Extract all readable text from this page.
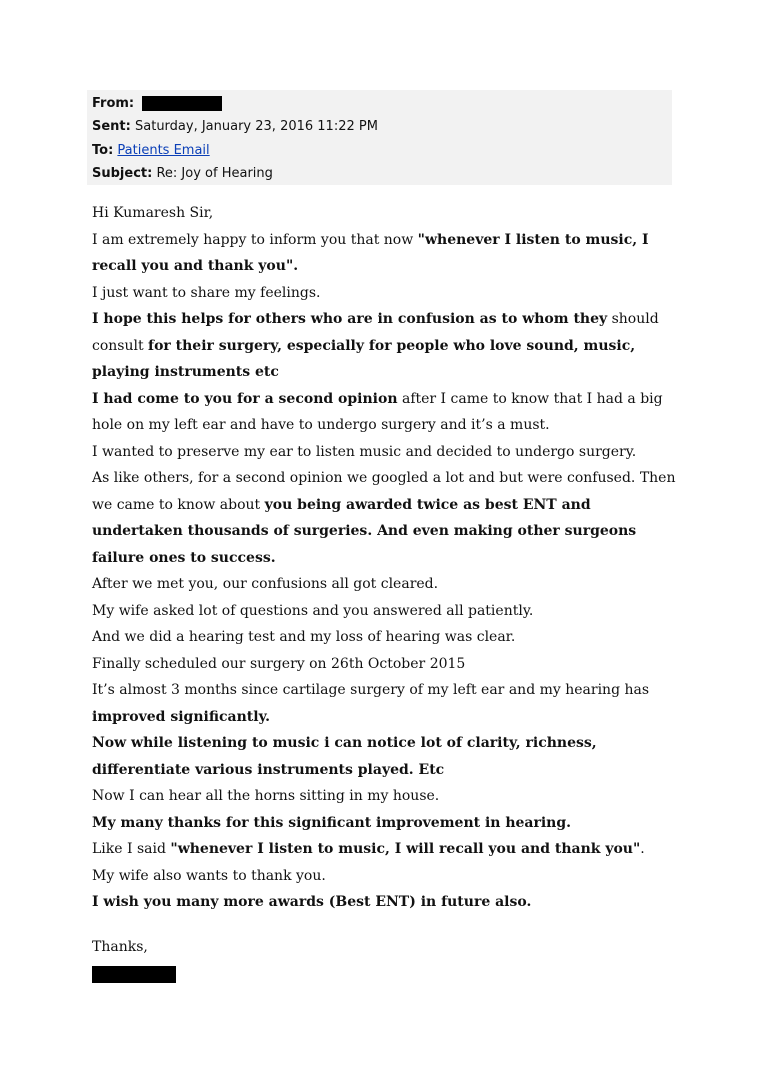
From:
Sent: Saturday, January 23, 2016 11:22 PM
To: Patients Email
Subject: Re: Joy of Hearing

Hi Kumaresh Sir,

I am extremely happy to inform you that now "whenever I listen to music, I recall you and thank you".

I just want to share my feelings.

I hope this helps for others who are in confusion as to whom they should consult for their surgery, especially for people who love sound, music, playing instruments etc

I had come to you for a second opinion after I came to know that I had a big hole on my left ear and have to undergo surgery and it’s a must.

I wanted to preserve my ear to listen music and decided to undergo surgery.

As like others, for a second opinion we googled a lot and but were confused. Then we came to know about you being awarded twice as best ENT and undertaken thousands of surgeries. And even making other surgeons failure ones to success.

After we met you, our confusions all got cleared.

My wife asked lot of questions and you answered all patiently.

And we did a hearing test and my loss of hearing was clear.

Finally scheduled our surgery on 26th October 2015

It’s almost 3 months since cartilage surgery of my left ear and my hearing has improved significantly.

Now while listening to music i can notice lot of clarity, richness, differentiate various instruments played. Etc

Now I can hear all the horns sitting in my house.

My many thanks for this significant improvement in hearing.

Like I said "whenever I listen to music, I will recall you and thank you".

My wife also wants to thank you.

I wish you many more awards (Best ENT) in future also.

Thanks,
